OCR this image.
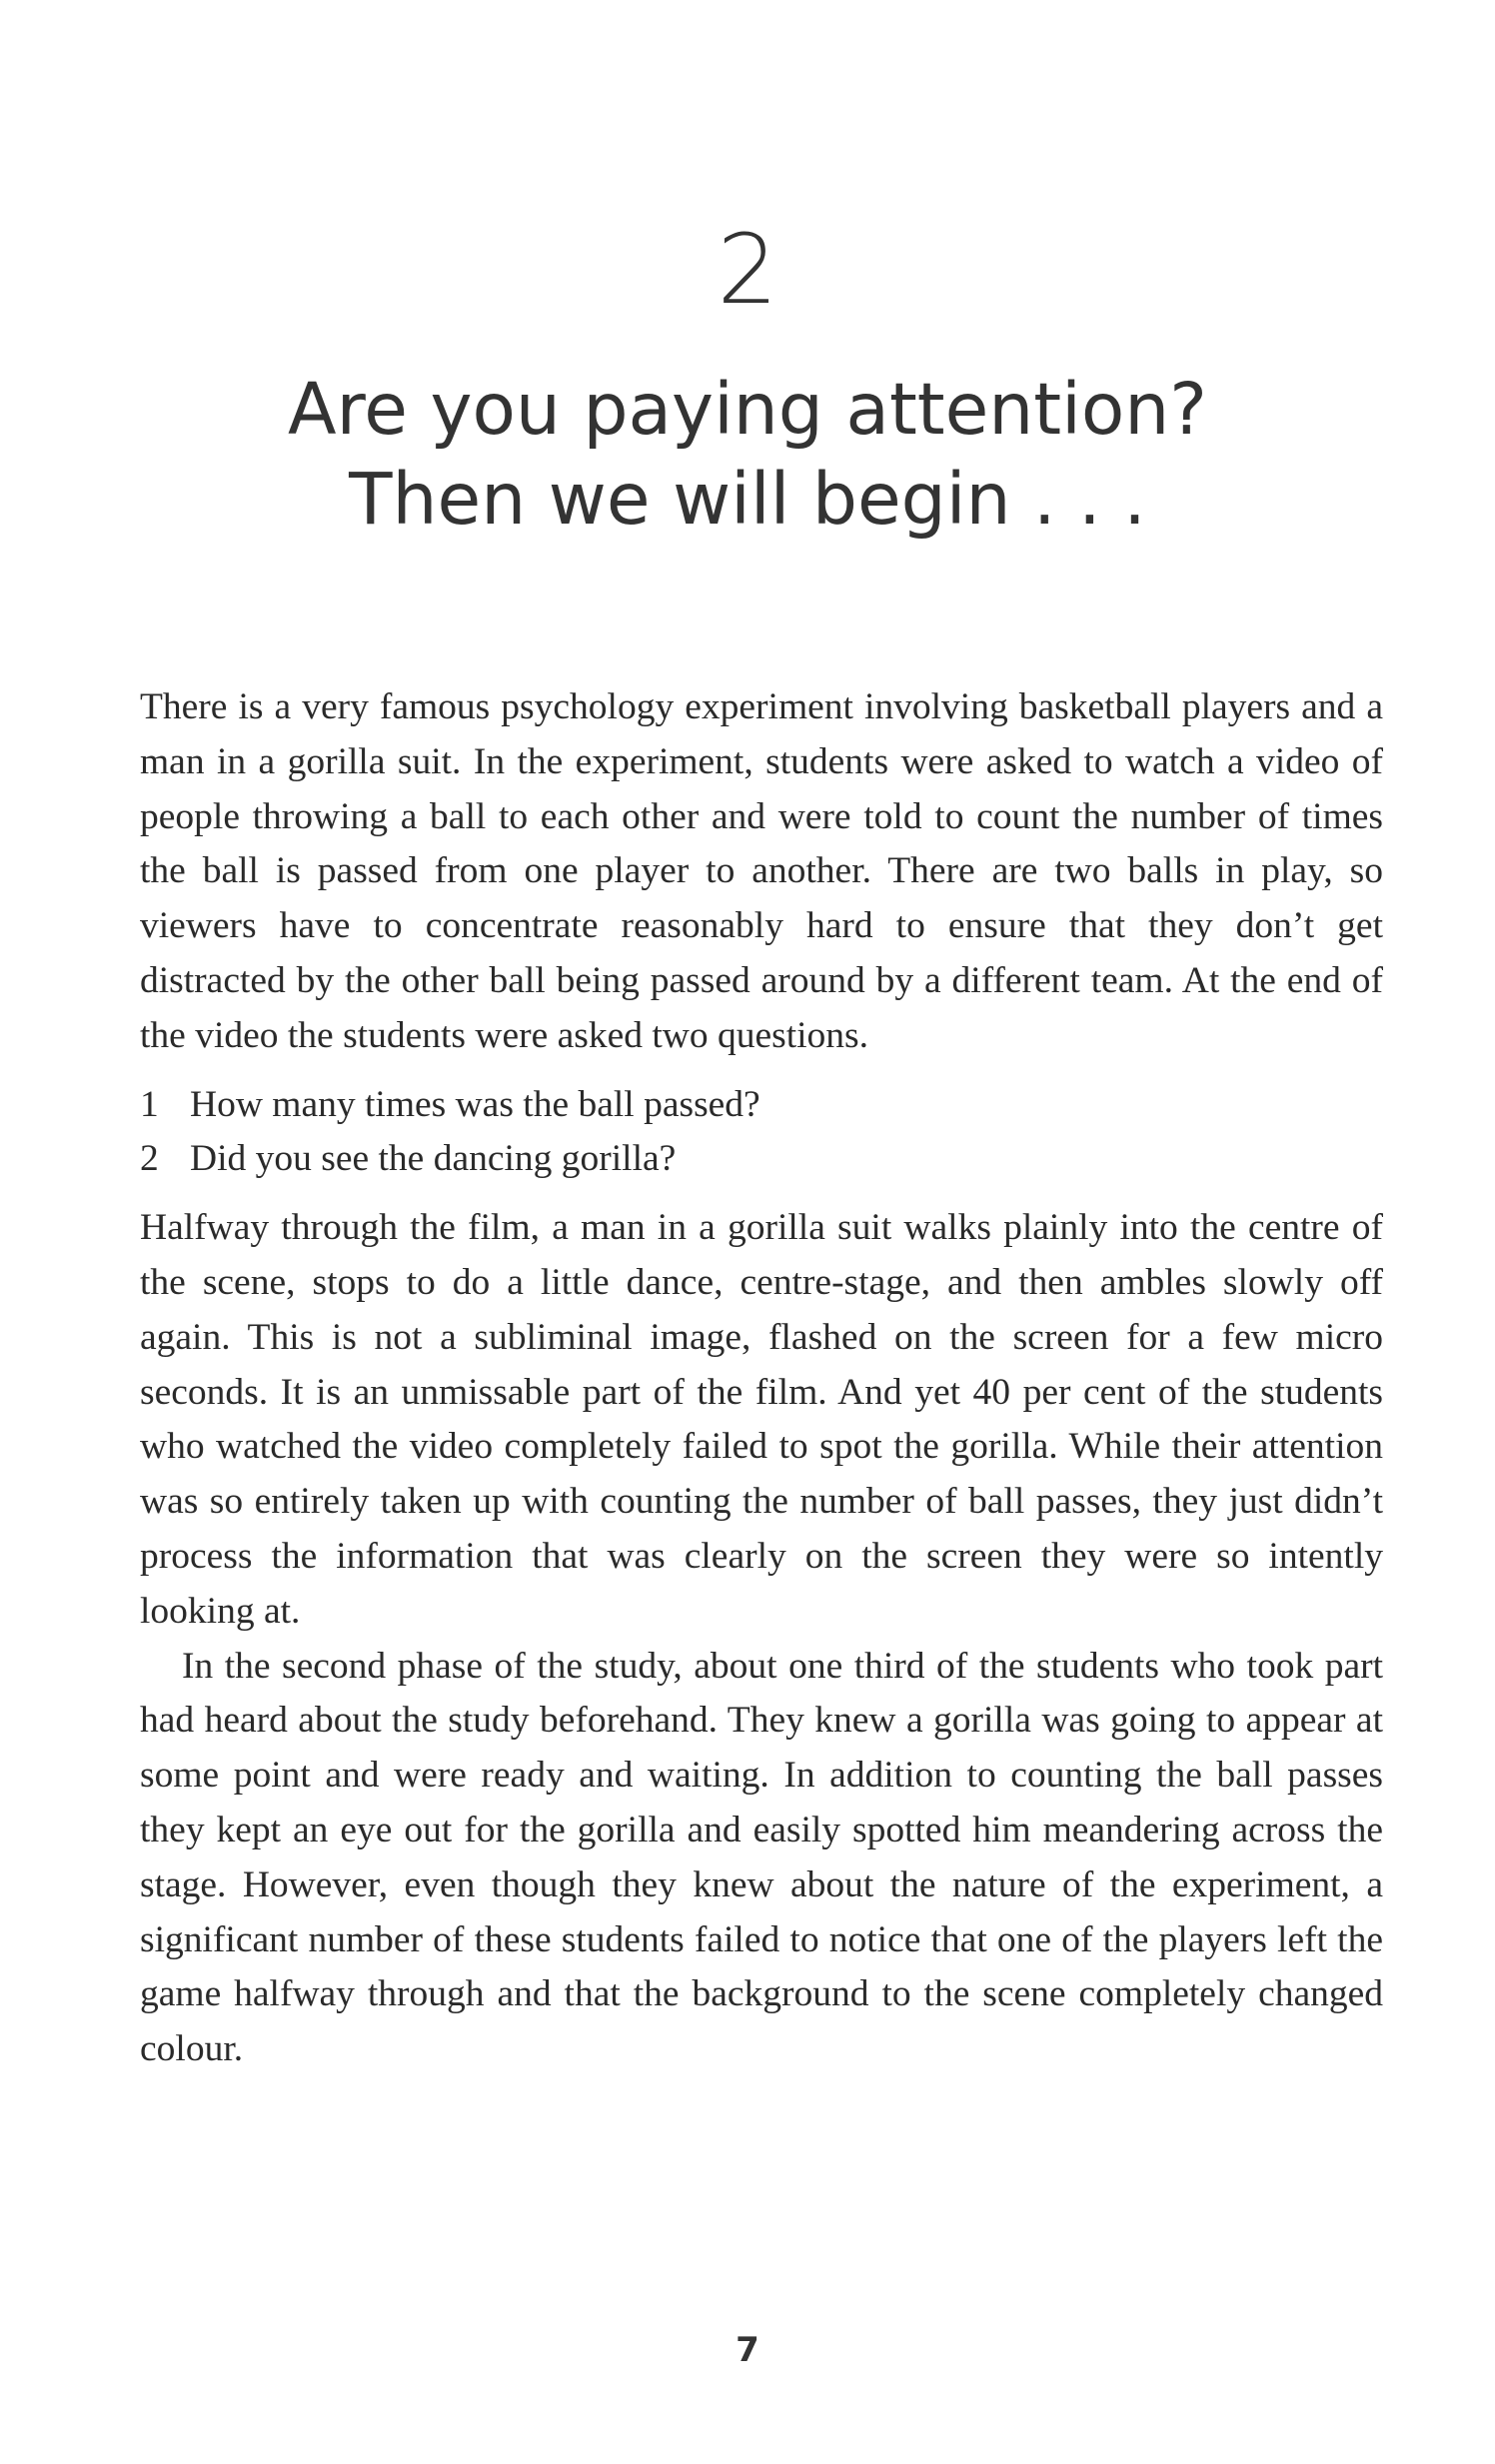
2
Are you paying attention?
Then we will begin . . .

There is a very famous psychology experiment involving basketball players and a man in a gorilla suit. In the experiment, students were asked to watch a video of people throwing a ball to each other and were told to count the number of times the ball is passed from one player to another. There are two balls in play, so viewers have to concentrate reasonably hard to ensure that they don’t get distracted by the other ball being passed around by a different team. At the end of the video the students were asked two questions.

1 How many times was the ball passed?
2 Did you see the dancing gorilla?

Halfway through the film, a man in a gorilla suit walks plainly into the centre of the scene, stops to do a little dance, centre-stage, and then ambles slowly off again. This is not a subliminal image, flashed on the screen for a few micro seconds. It is an unmissable part of the film. And yet 40 per cent of the students who watched the video completely failed to spot the gorilla. While their attention was so entirely taken up with counting the number of ball passes, they just didn’t process the information that was clearly on the screen they were so intently looking at.

In the second phase of the study, about one third of the students who took part had heard about the study beforehand. They knew a gorilla was going to appear at some point and were ready and waiting. In addition to counting the ball passes they kept an eye out for the gorilla and easily spotted him meandering across the stage. However, even though they knew about the nature of the experiment, a significant number of these students failed to notice that one of the players left the game halfway through and that the background to the scene completely changed colour.

7
